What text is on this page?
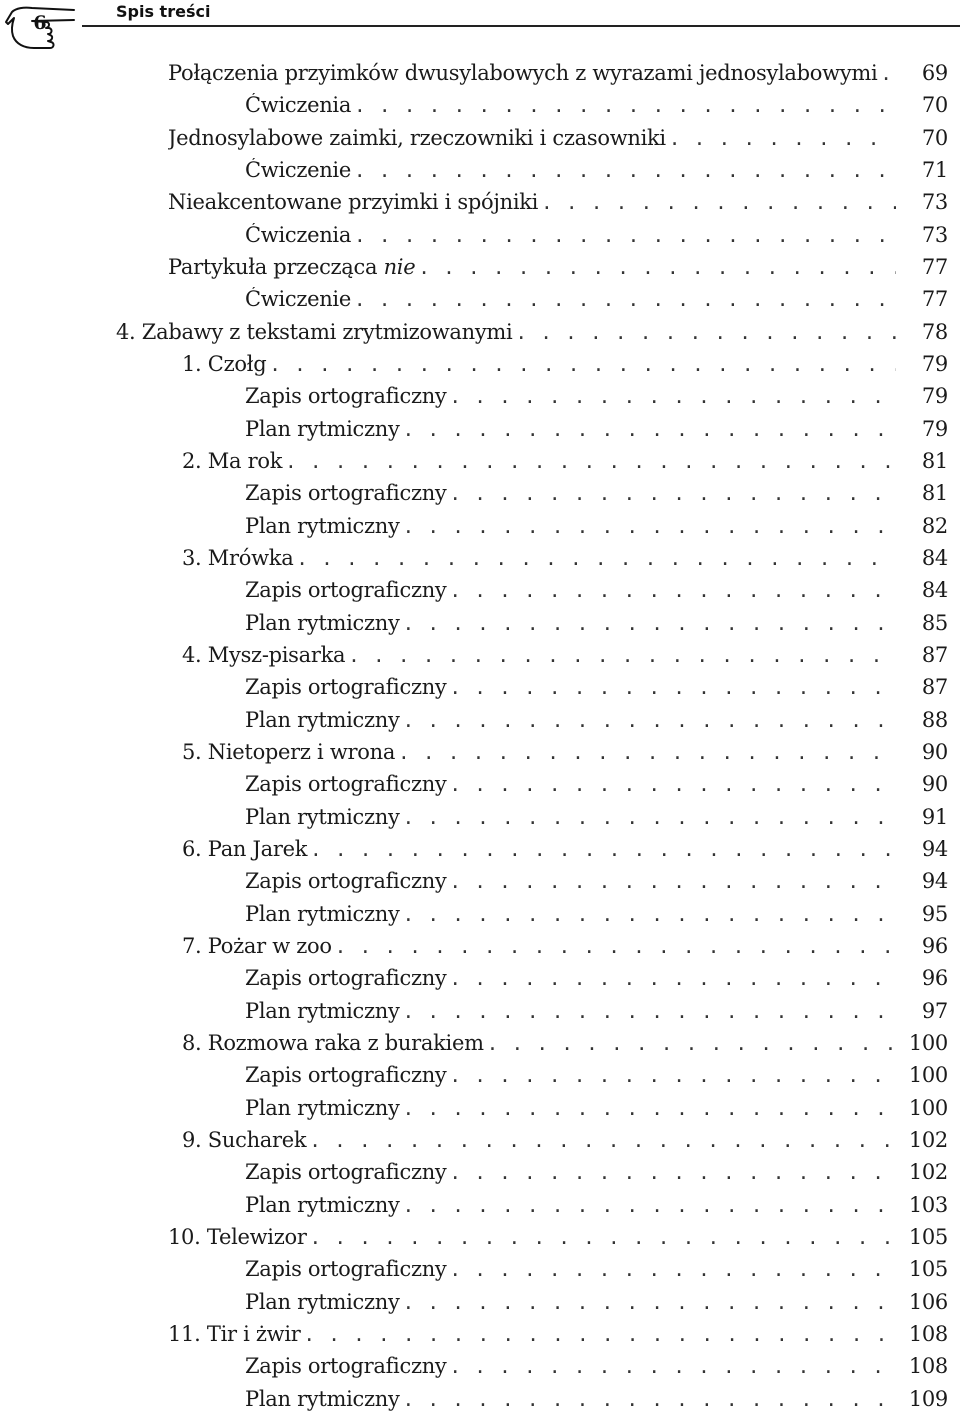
6
Spis treści
Połączenia przyimków dwusylabowych z wyrazami jednosylabowymi . . .	69
Ćwiczenia . . .	70
Jednosylabowe zaimki, rzeczowniki i czasowniki . . .	70
Ćwiczenie . . .	71
Nieakcentowane przyimki i spójniki . . .	73
Ćwiczenia . . .	73
Partykuła przecząca nie . . .	77
Ćwiczenie . . .	77
4. Zabawy z tekstami zrytmizowanymi . . .	78
1. Czołg . . .	79
Zapis ortograficzny . . .	79
Plan rytmiczny . . .	79
2. Ma rok . . .	81
Zapis ortograficzny . . .	81
Plan rytmiczny . . .	82
3. Mrówka . . .	84
Zapis ortograficzny . . .	84
Plan rytmiczny . . .	85
4. Mysz-pisarka . . .	87
Zapis ortograficzny . . .	87
Plan rytmiczny . . .	88
5. Nietoperz i wrona . . .	90
Zapis ortograficzny . . .	90
Plan rytmiczny . . .	91
6. Pan Jarek . . .	94
Zapis ortograficzny . . .	94
Plan rytmiczny . . .	95
7. Pożar w zoo . . .	96
Zapis ortograficzny . . .	96
Plan rytmiczny . . .	97
8. Rozmowa raka z burakiem . . .	100
Zapis ortograficzny . . .	100
Plan rytmiczny . . .	100
9. Sucharek . . .	102
Zapis ortograficzny . . .	102
Plan rytmiczny . . .	103
10. Telewizor . . .	105
Zapis ortograficzny . . .	105
Plan rytmiczny . . .	106
11. Tir i żwir . . .	108
Zapis ortograficzny . . .	108
Plan rytmiczny . . .	109
